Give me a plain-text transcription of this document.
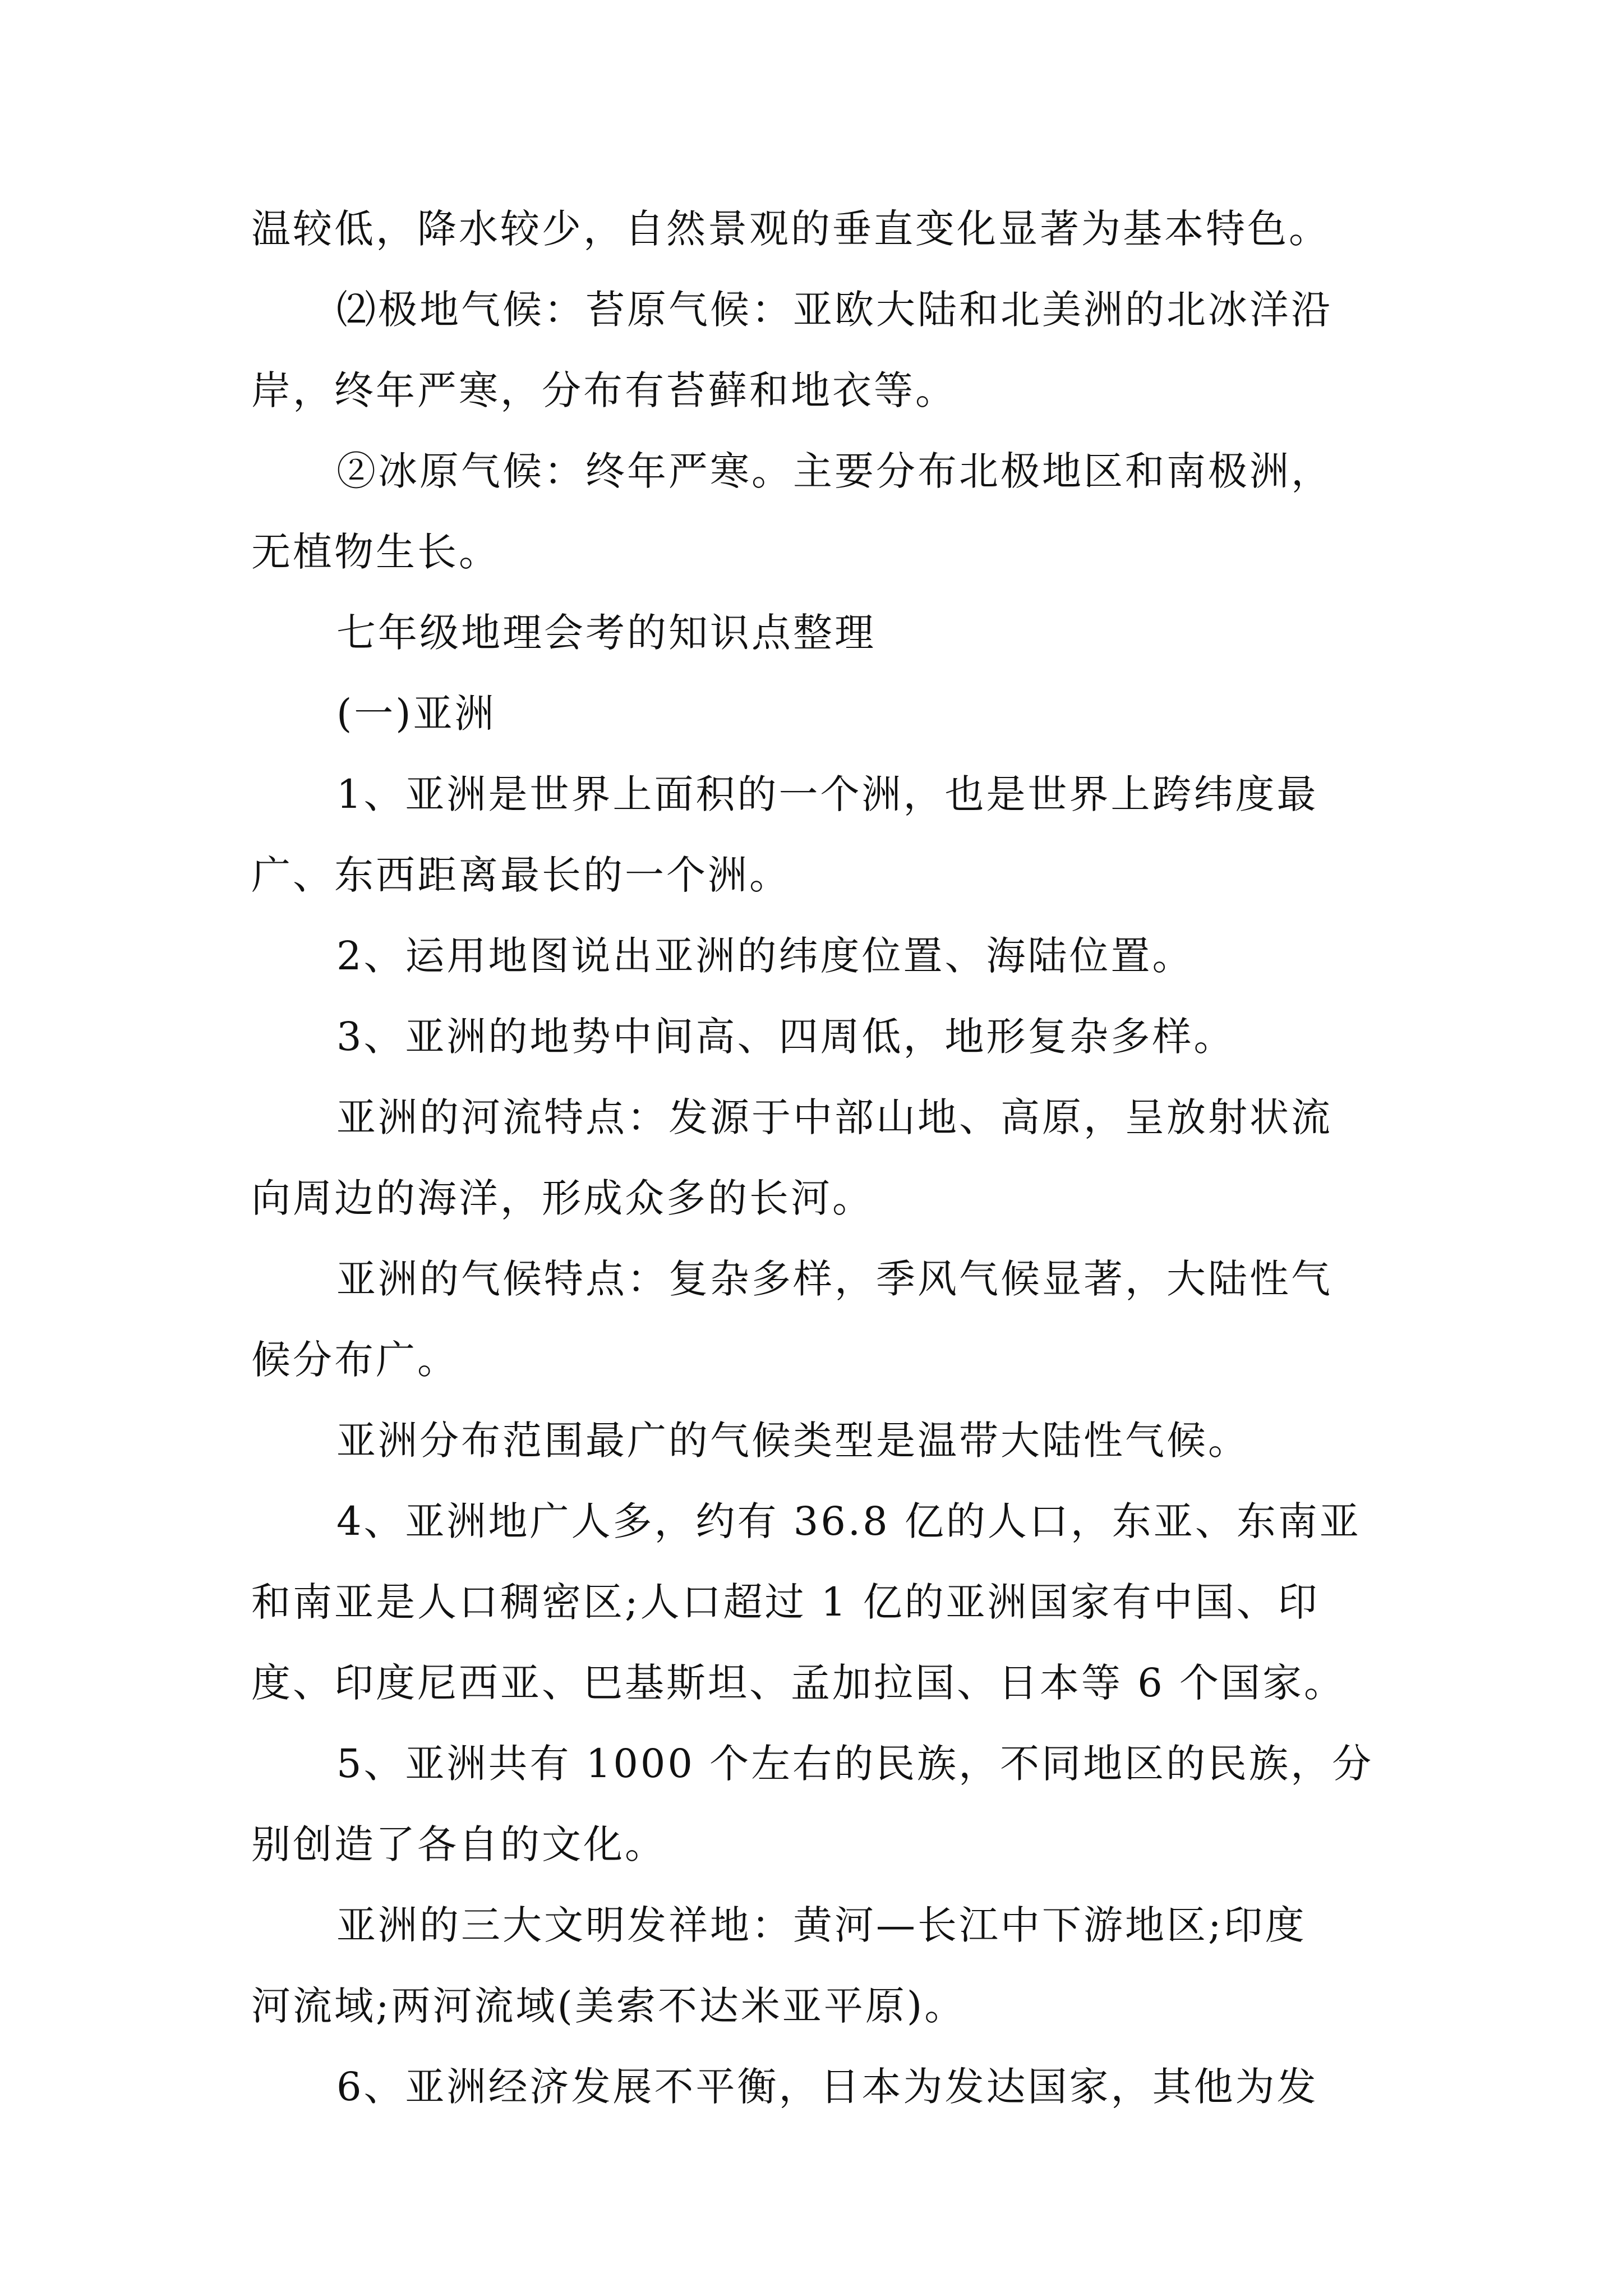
温较低，降水较少，自然景观的垂直变化显著为基本特色。
⑵极地气候：苔原气候：亚欧大陆和北美洲的北冰洋沿
岸，终年严寒，分布有苔藓和地衣等。
②冰原气候：终年严寒。主要分布北极地区和南极洲，
无植物生长。
七年级地理会考的知识点整理
(一)亚洲
1、亚洲是世界上面积的一个洲，也是世界上跨纬度最
广、东西距离最长的一个洲。
2、运用地图说出亚洲的纬度位置、海陆位置。
3、亚洲的地势中间高、四周低，地形复杂多样。
亚洲的河流特点：发源于中部山地、高原，呈放射状流
向周边的海洋，形成众多的长河。
亚洲的气候特点：复杂多样，季风气候显著，大陆性气
候分布广。
亚洲分布范围最广的气候类型是温带大陆性气候。
4、亚洲地广人多，约有 36.8 亿的人口，东亚、东南亚
和南亚是人口稠密区;人口超过 1 亿的亚洲国家有中国、印
度、印度尼西亚、巴基斯坦、孟加拉国、日本等 6 个国家。
5、亚洲共有 1000 个左右的民族，不同地区的民族，分
别创造了各自的文化。
亚洲的三大文明发祥地：黄河—长江中下游地区;印度
河流域;两河流域(美索不达米亚平原)。
6、亚洲经济发展不平衡，日本为发达国家，其他为发
